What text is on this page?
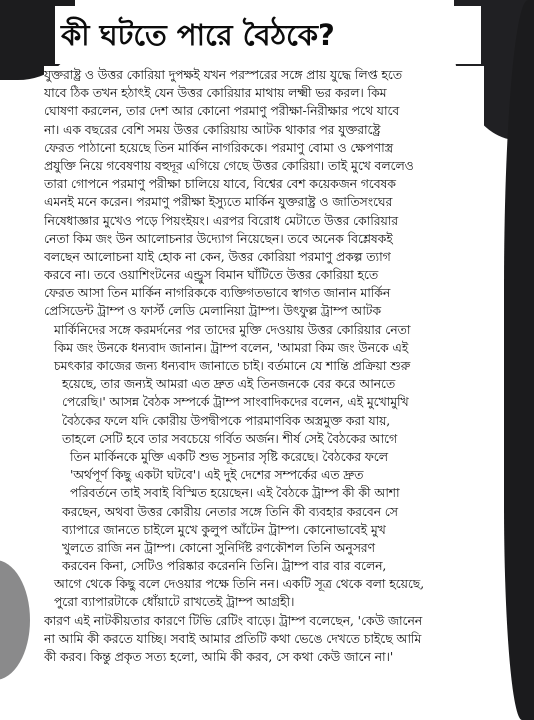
কী ঘটতে পারে বৈঠকে?
যুক্তরাষ্ট্র ও উত্তর কোরিয়া দুপক্ষই যখন পরস্পরের সঙ্গে প্রায় যুদ্ধে লিপ্ত হতে
যাবে ঠিক তখন হঠাৎই যেন উত্তর কোরিয়ার মাথায় লক্ষ্মী ভর করল। কিম
ঘোষণা করলেন, তার দেশ আর কোনো পরমাণু পরীক্ষা-নিরীক্ষার পথে যাবে
না। এক বছরের বেশি সময় উত্তর কোরিয়ায় আটক থাকার পর যুক্তরাষ্ট্রে
ফেরত পাঠানো হয়েছে তিন মার্কিন নাগরিককে। পরমাণু বোমা ও ক্ষেপণাস্ত্র
প্রযুক্তি নিয়ে গবেষণায় বহুদূর এগিয়ে গেছে উত্তর কোরিয়া। তাই মুখে বললেও
তারা গোপনে পরমাণু পরীক্ষা চালিয়ে যাবে, বিশ্বের বেশ কয়েকজন গবেষক
এমনই মনে করেন। পরমাণু পরীক্ষা ইস্যুতে মার্কিন যুক্তরাষ্ট্র ও জাতিসংঘের
নিষেধাজ্ঞার মুখেও পড়ে পিয়ংইয়ং। এরপর বিরোধ মেটাতে উত্তর কোরিয়ার
নেতা কিম জং উন আলোচনার উদ্যোগ নিয়েছেন। তবে অনেক বিশ্লেষকই
বলছেন আলোচনা যাই হোক না কেন, উত্তর কোরিয়া পরমাণু প্রকল্প ত্যাগ
করবে না। তবে ওয়াশিংটনের এন্ড্রুস বিমান ঘাঁটিতে উত্তর কোরিয়া হতে
ফেরত আসা তিন মার্কিন নাগরিককে ব্যক্তিগতভাবে স্বাগত জানান মার্কিন
প্রেসিডেন্ট ট্রাম্প ও ফার্স্ট লেডি মেলানিয়া ট্রাম্প। উৎফুল্ল ট্রাম্প আটক
মার্কিনিদের সঙ্গে করমর্দনের পর তাদের মুক্তি দেওয়ায় উত্তর কোরিয়ার নেতা
কিম জং উনকে ধন্যবাদ জানান। ট্রাম্প বলেন, 'আমরা কিম জং উনকে এই
চমৎকার কাজের জন্য ধন্যবাদ জানাতে চাই। বর্তমানে যে শান্তি প্রক্রিয়া শুরু
হয়েছে, তার জন্যই আমরা এত দ্রুত এই তিনজনকে বের করে আনতে
পেরেছি।' আসন্ন বৈঠক সম্পর্কে ট্রাম্প সাংবাদিকদের বলেন, এই মুখোমুখি
বৈঠকের ফলে যদি কোরীয় উপদ্বীপকে পারমাণবিক অস্ত্রমুক্ত করা যায়,
তাহলে সেটি হবে তার সবচেয়ে গর্বিত অর্জন। শীর্ষ সেই বৈঠকের আগে
তিন মার্কিনকে মুক্তি একটি শুভ সূচনার সৃষ্টি করেছে। বৈঠকের ফলে
'অর্থপূর্ণ কিছু একটা ঘটবে'। এই দুই দেশের সম্পর্কের এত দ্রুত
পরিবর্তনে তাই সবাই বিস্মিত হয়েছেন। এই বৈঠকে ট্রাম্প কী কী আশা
করছেন, অথবা উত্তর কোরীয় নেতার সঙ্গে তিনি কী ব্যবহার করবেন সে
ব্যাপারে জানতে চাইলে মুখে কুলুপ আঁটেন ট্রাম্প। কোনোভাবেই মুখ
খুলতে রাজি নন ট্রাম্প। কোনো সুনির্দিষ্ট রণকৌশল তিনি অনুসরণ
করবেন কিনা, সেটিও পরিষ্কার করেননি তিনি। ট্রাম্প বার বার বলেন,
আগে থেকে কিছু বলে দেওয়ার পক্ষে তিনি নন। একটি সূত্র থেকে বলা হয়েছে,
পুরো ব্যাপারটাকে ধোঁয়াটে রাখতেই ট্রাম্প আগ্রহী।
কারণ এই নাটকীয়তার কারণে টিভি রেটিং বাড়ে। ট্রাম্প বলেছেন, 'কেউ জানেন
না আমি কী করতে যাচ্ছি। সবাই আমার প্রতিটি কথা ভেঙে দেখতে চাইছে আমি
কী করব। কিন্তু প্রকৃত সত্য হলো, আমি কী করব, সে কথা কেউ জানে না।'
